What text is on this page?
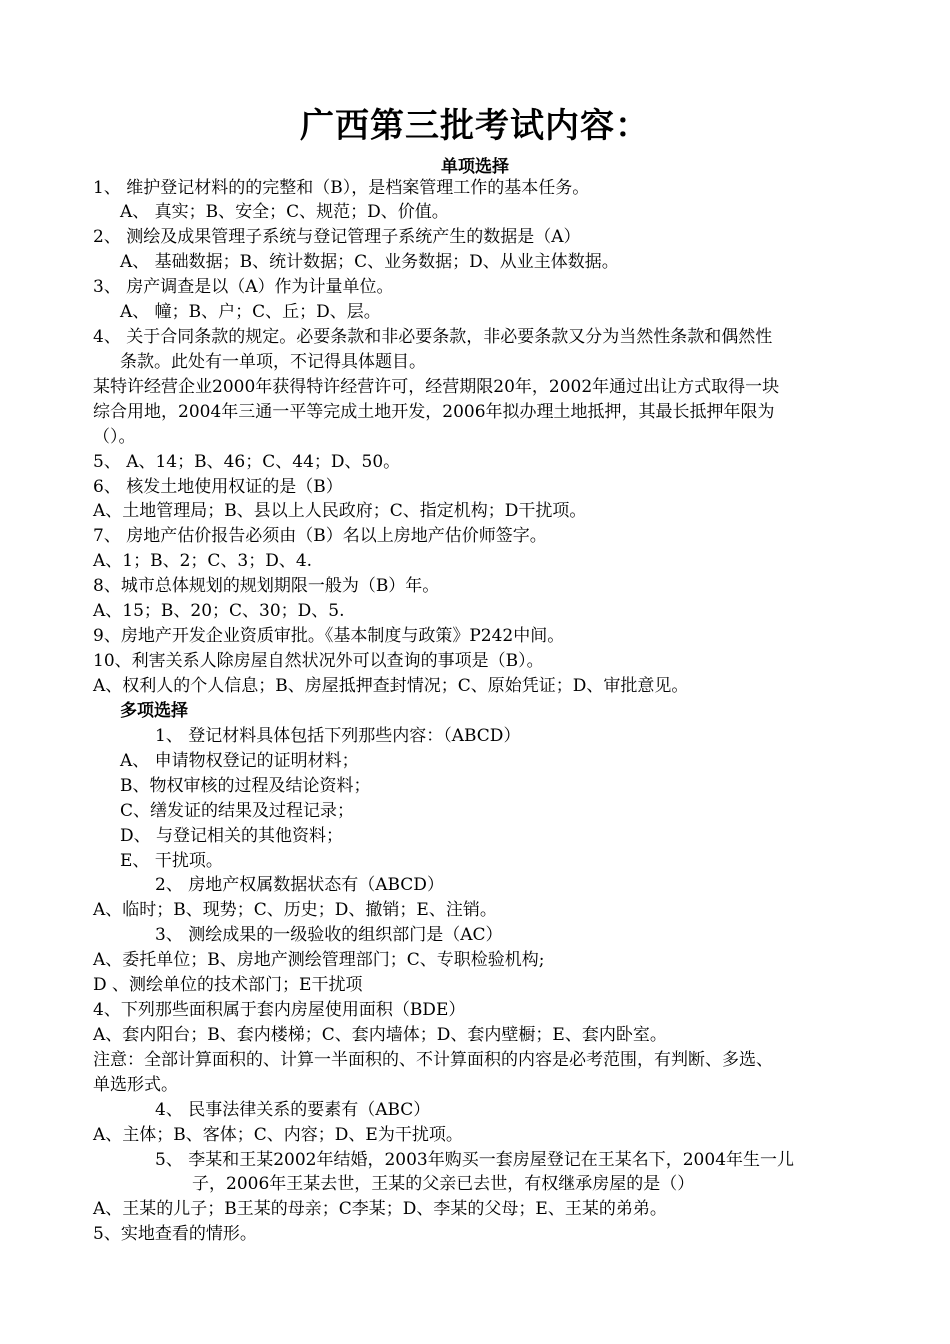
广西第三批考试内容：
单项选择
1、 维护登记材料的的完整和（B），是档案管理工作的基本任务。
A、 真实；B、安全；C、规范；D、价值。
2、 测绘及成果管理子系统与登记管理子系统产生的数据是（A）
A、 基础数据；B、统计数据；C、业务数据；D、从业主体数据。
3、 房产调查是以（A）作为计量单位。
A、 幢；B、户；C、丘；D、层。
4、 关于合同条款的规定。必要条款和非必要条款，非必要条款又分为当然性条款和偶然性
条款。此处有一单项，不记得具体题目。
某特许经营企业2000年获得特许经营许可，经营期限20年，2002年通过出让方式取得一块
综合用地，2004年三通一平等完成土地开发，2006年拟办理土地抵押，其最长抵押年限为
（）。
5、 A、14；B、46；C、44；D、50。
6、 核发土地使用权证的是（B）
A、土地管理局；B、县以上人民政府；C、指定机构；D干扰项。
7、 房地产估价报告必须由（B）名以上房地产估价师签字。
A、1；B、2；C、3；D、4.
8、城市总体规划的规划期限一般为（B）年。
A、15；B、20；C、30；D、5.
9、房地产开发企业资质审批。《基本制度与政策》P242中间。
10、利害关系人除房屋自然状况外可以查询的事项是（B）。
A、权利人的个人信息；B、房屋抵押查封情况；C、原始凭证；D、审批意见。
多项选择
1、 登记材料具体包括下列那些内容：（ABCD）
A、 申请物权登记的证明材料；
B、物权审核的过程及结论资料；
C、缮发证的结果及过程记录；
D、 与登记相关的其他资料；
E、 干扰项。
2、 房地产权属数据状态有（ABCD）
A、临时；B、现势；C、历史；D、撤销；E、注销。
3、 测绘成果的一级验收的组织部门是（AC）
A、委托单位；B、房地产测绘管理部门；C、专职检验机构;
D 、测绘单位的技术部门；E干扰项
4、下列那些面积属于套内房屋使用面积（BDE）
A、套内阳台；B、套内楼梯；C、套内墙体；D、套内壁橱；E、套内卧室。
注意：全部计算面积的、计算一半面积的、不计算面积的内容是必考范围，有判断、多选、
单选形式。
4、 民事法律关系的要素有（ABC）
A、主体；B、客体；C、内容；D、E为干扰项。
5、 李某和王某2002年结婚，2003年购买一套房屋登记在王某名下，2004年生一儿
子，2006年王某去世，王某的父亲已去世，有权继承房屋的是（）
A、王某的儿子；B王某的母亲；C李某；D、李某的父母；E、王某的弟弟。
5、实地查看的情形。
